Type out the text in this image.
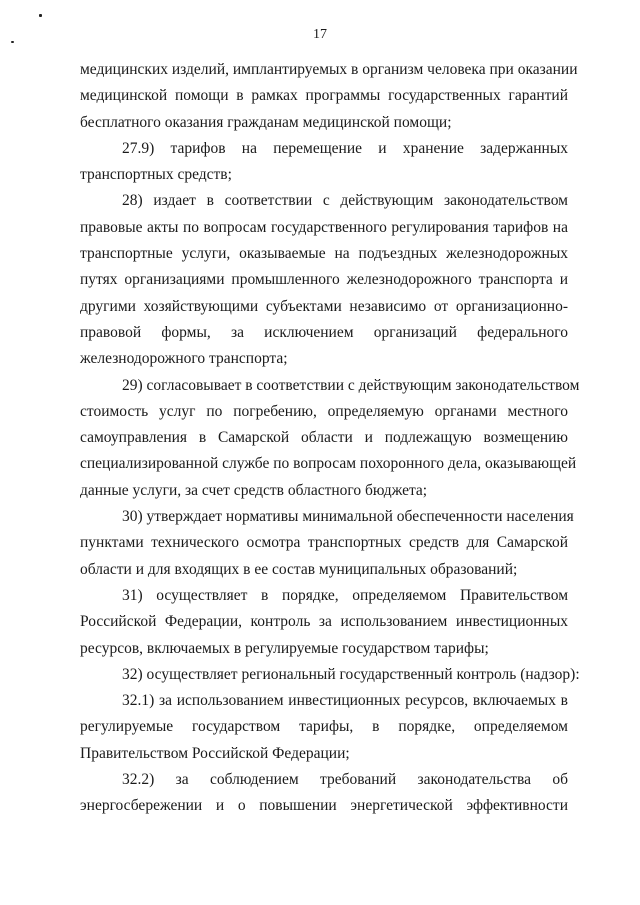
17
медицинских изделий, имплантируемых в организм человека при оказании
медицинской помощи в рамках программы государственных гарантий
бесплатного оказания гражданам медицинской помощи;
27.9) тарифов на перемещение и хранение задержанных
транспортных средств;
28) издает в соответствии с действующим законодательством
правовые акты по вопросам государственного регулирования тарифов на
транспортные услуги, оказываемые на подъездных железнодорожных
путях организациями промышленного железнодорожного транспорта и
другими хозяйствующими субъектами независимо от организационно-
правовой формы, за исключением организаций федерального
железнодорожного транспорта;
29) согласовывает в соответствии с действующим законодательством
стоимость услуг по погребению, определяемую органами местного
самоуправления в Самарской области и подлежащую возмещению
специализированной службе по вопросам похоронного дела, оказывающей
данные услуги, за счет средств областного бюджета;
30) утверждает нормативы минимальной обеспеченности населения
пунктами технического осмотра транспортных средств для Самарской
области и для входящих в ее состав муниципальных образований;
31) осуществляет в порядке, определяемом Правительством
Российской Федерации, контроль за использованием инвестиционных
ресурсов, включаемых в регулируемые государством тарифы;
32) осуществляет региональный государственный контроль (надзор):
32.1) за использованием инвестиционных ресурсов, включаемых в
регулируемые государством тарифы, в порядке, определяемом
Правительством Российской Федерации;
32.2) за соблюдением требований законодательства об
энергосбережении и о повышении энергетической эффективности
